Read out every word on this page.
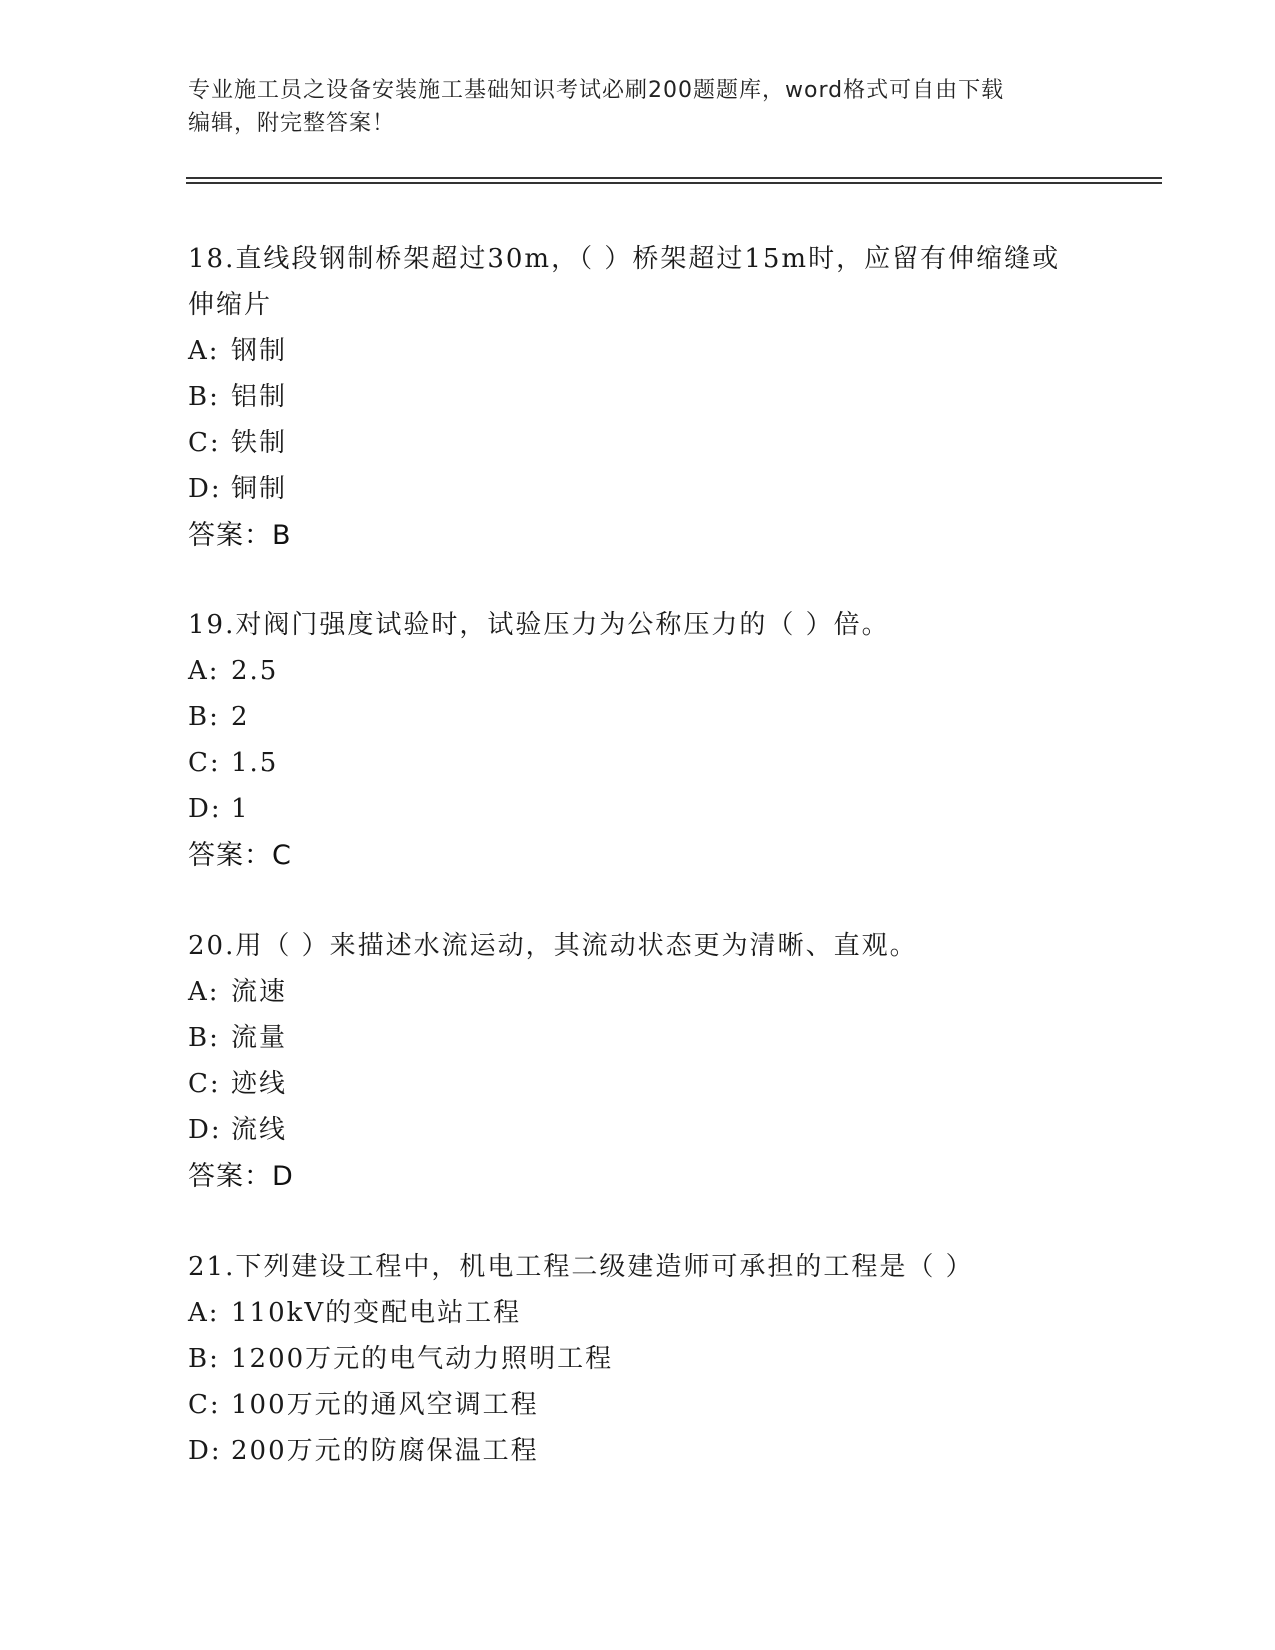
专业施工员之设备安装施工基础知识考试必刷200题题库，word格式可自由下载
编辑，附完整答案！

18.直线段钢制桥架超过30m，（ ）桥架超过15m时，应留有伸缩缝或

伸缩片

A: 钢制

B: 铝制

C: 铁制

D: 铜制

答案：B

19.对阀门强度试验时，试验压力为公称压力的（ ）倍。

A: 2.5

B: 2

C: 1.5

D: 1

答案：C

20.用（ ）来描述水流运动，其流动状态更为清晰、直观。

A: 流速

B: 流量

C: 迹线

D: 流线

答案：D

21.下列建设工程中，机电工程二级建造师可承担的工程是（ ）

A: 110kV的变配电站工程

B: 1200万元的电气动力照明工程

C: 100万元的通风空调工程

D: 200万元的防腐保温工程
